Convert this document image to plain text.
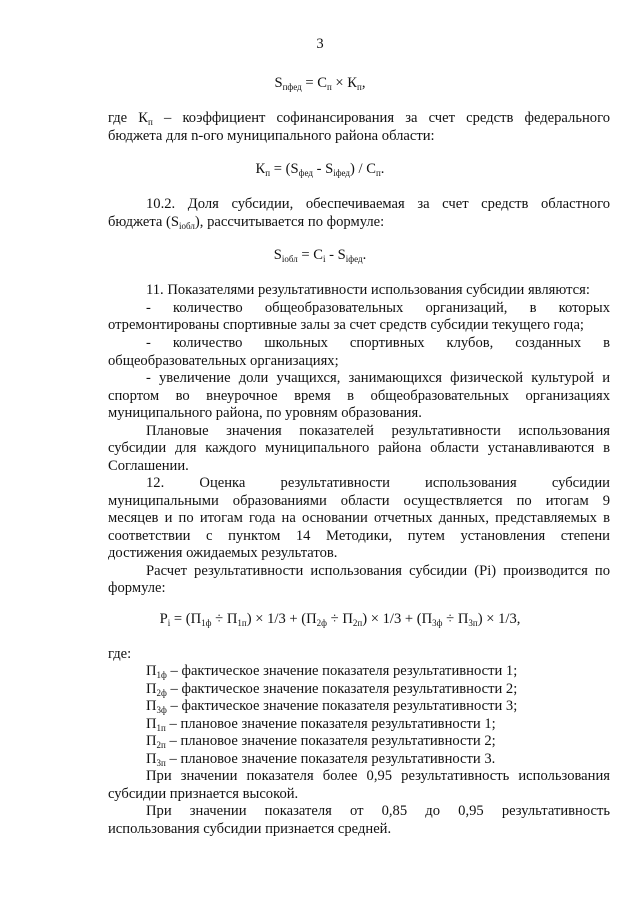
3
$S_{пфед} = С_п \times К_п$,
где $К_п$ – коэффициент софинансирования за счет средств федерального
бюджета для n-ого муниципального района области:
$К_п = (S_{фед} - S_{iфед}) / С_п$.
10.2. Доля субсидии, обеспечиваемая за счет средств областного
бюджета $(S_{iобл})$, рассчитывается по формуле:
$S_{iобл} = С_i - S_{iфед}$.
11. Показателями результативности использования субсидии являются:
- количество общеобразовательных организаций, в которых
отремонтированы спортивные залы за счет средств субсидии текущего года;
- количество школьных спортивных клубов, созданных в
общеобразовательных организациях;
- увеличение доли учащихся, занимающихся физической культурой и
спортом во внеурочное время в общеобразовательных организациях
муниципального района, по уровням образования.
Плановые значения показателей результативности использования
субсидии для каждого муниципального района области устанавливаются в
Соглашении.
12. Оценка результативности использования субсидии
муниципальными образованиями области осуществляется по итогам 9
месяцев и по итогам года на основании отчетных данных, представляемых в
соответствии с пунктом 14 Методики, путем установления степени
достижения ожидаемых результатов.
Расчет результативности использования субсидии (Pi) производится по
формуле:
$P_i = (П_{1ф} \div П_{1п}) \times 1/3 + (П_{2ф} \div П_{2п}) \times 1/3 + (П_{3ф} \div П_{3п}) \times 1/3$,
где:
$П_{1ф}$ – фактическое значение показателя результативности 1;
$П_{2ф}$ – фактическое значение показателя результативности 2;
$П_{3ф}$ – фактическое значение показателя результативности 3;
$П_{1п}$ – плановое значение показателя результативности 1;
$П_{2п}$ – плановое значение показателя результативности 2;
$П_{3п}$ – плановое значение показателя результативности 3.
При значении показателя более 0,95 результативность использования
субсидии признается высокой.
При значении показателя от 0,85 до 0,95 результативность
использования субсидии признается средней.
